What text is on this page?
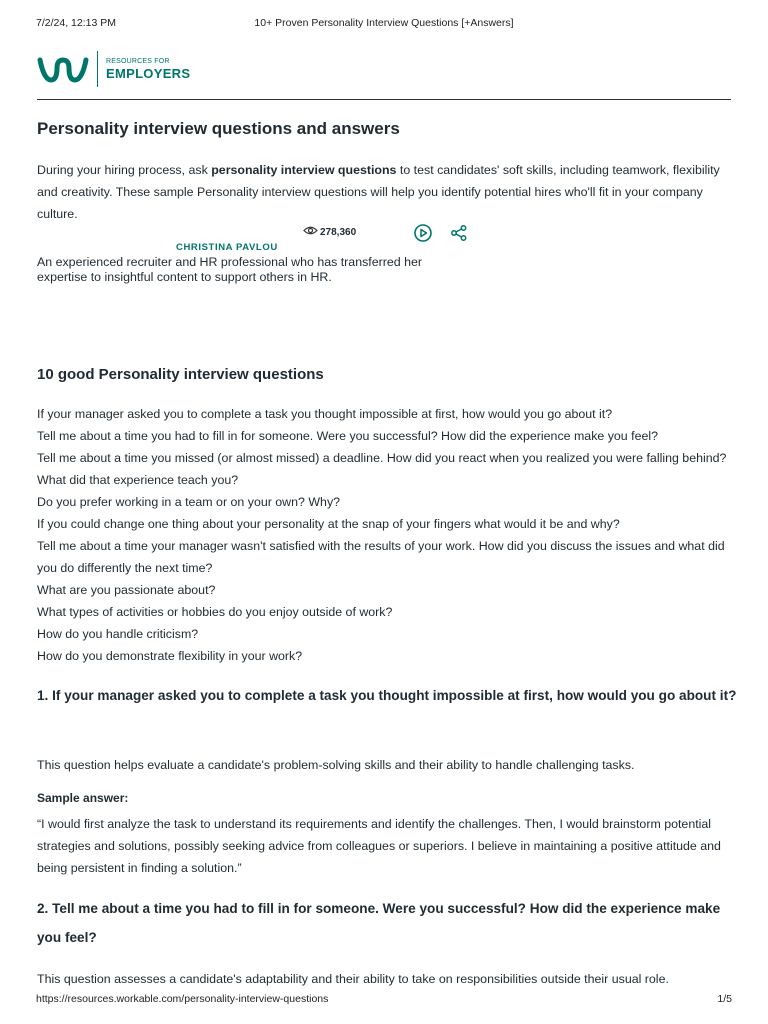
10+ Proven Personality Interview Questions [+Answers]
7/2/24, 12:13 PM
RESOURCES FOR
EMPLOYERS
Personality interview questions and answers

During your hiring process, ask personality interview questions to test candidates' soft skills, including teamwork, flexibility and creativity. These sample Personality interview questions will help you identify potential hires who'll fit in your company culture.

278,360
CHRISTINA PAVLOU

An experienced recruiter and HR professional who has transferred her expertise to insightful content to support others in HR.

10 good Personality interview questions
If your manager asked you to complete a task you thought impossible at first, how would you go about it?
Tell me about a time you had to fill in for someone. Were you successful? How did the experience make you feel?
Tell me about a time you missed (or almost missed) a deadline. How did you react when you realized you were falling behind? What did that experience teach you?
Do you prefer working in a team or on your own? Why?
If you could change one thing about your personality at the snap of your fingers what would it be and why?
Tell me about a time your manager wasn't satisfied with the results of your work. How did you discuss the issues and what did you do differently the next time?
What are you passionate about?
What types of activities or hobbies do you enjoy outside of work?
How do you handle criticism?
How do you demonstrate flexibility in your work?
1. If your manager asked you to complete a task you thought impossible at first, how would you go about it?

This question helps evaluate a candidate's problem-solving skills and their ability to handle challenging tasks.

Sample answer:

“I would first analyze the task to understand its requirements and identify the challenges. Then, I would brainstorm potential strategies and solutions, possibly seeking advice from colleagues or superiors. I believe in maintaining a positive attitude and being persistent in finding a solution.”

2. Tell me about a time you had to fill in for someone. Were you successful? How did the experience make you feel?

This question assesses a candidate's adaptability and their ability to take on responsibilities outside their usual role.

https://resources.workable.com/personality-interview-questions	1/5
